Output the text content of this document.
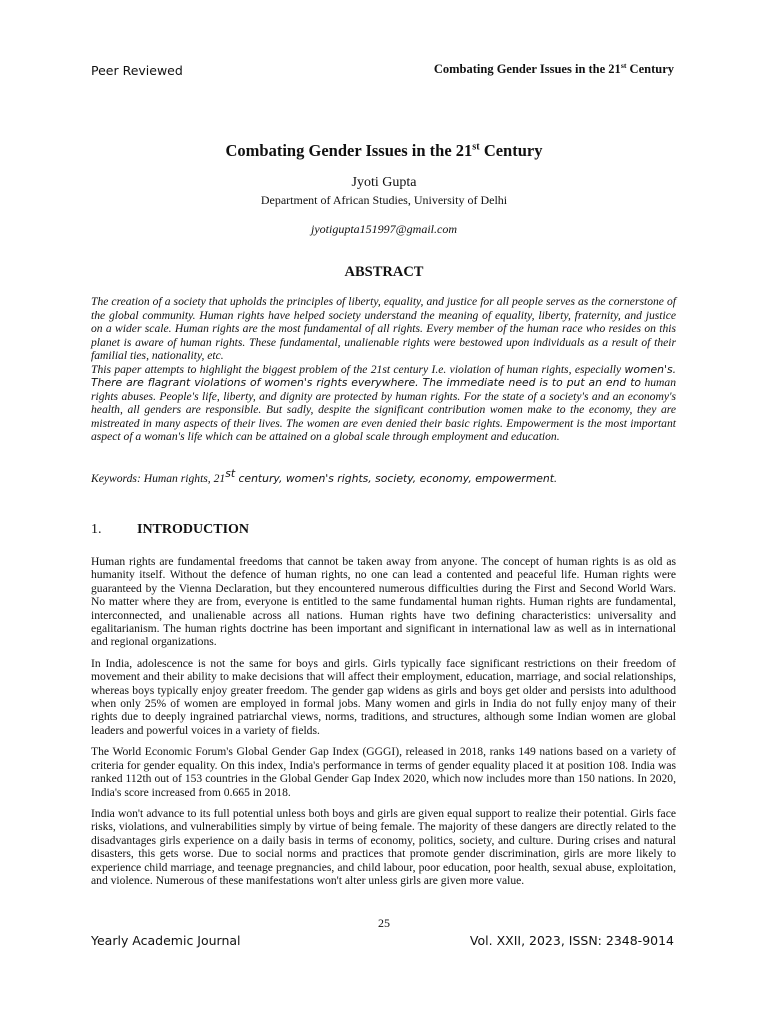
Peer Reviewed	Combating Gender Issues in the 21st Century
Combating Gender Issues in the 21st Century
Jyoti Gupta
Department of African Studies, University of Delhi
jyotigupta151997@gmail.com
ABSTRACT

The creation of a society that upholds the principles of liberty, equality, and justice for all people serves as the cornerstone of the global community. Human rights have helped society understand the meaning of equality, liberty, fraternity, and justice on a wider scale. Human rights are the most fundamental of all rights. Every member of the human race who resides on this planet is aware of human rights. These fundamental, unalienable rights were bestowed upon individuals as a result of their familial ties, nationality, etc.

This paper attempts to highlight the biggest problem of the 21st century I.e. violation of human rights, especially women's. There are flagrant violations of women's rights everywhere. The immediate need is to put an end to human rights abuses. People's life, liberty, and dignity are protected by human rights. For the state of a society's and an economy's health, all genders are responsible. But sadly, despite the significant contribution women make to the economy, they are mistreated in many aspects of their lives. The women are even denied their basic rights. Empowerment is the most important aspect of a woman's life which can be attained on a global scale through employment and education.

Keywords: Human rights, 21st century, women's rights, society, economy, empowerment.
1.	INTRODUCTION

Human rights are fundamental freedoms that cannot be taken away from anyone. The concept of human rights is as old as humanity itself. Without the defence of human rights, no one can lead a contented and peaceful life. Human rights were guaranteed by the Vienna Declaration, but they encountered numerous difficulties during the First and Second World Wars. No matter where they are from, everyone is entitled to the same fundamental human rights. Human rights are fundamental, interconnected, and unalienable across all nations. Human rights have two defining characteristics: universality and egalitarianism. The human rights doctrine has been important and significant in international law as well as in international and regional organizations.

In India, adolescence is not the same for boys and girls. Girls typically face significant restrictions on their freedom of movement and their ability to make decisions that will affect their employment, education, marriage, and social relationships, whereas boys typically enjoy greater freedom. The gender gap widens as girls and boys get older and persists into adulthood when only 25% of women are employed in formal jobs. Many women and girls in India do not fully enjoy many of their rights due to deeply ingrained patriarchal views, norms, traditions, and structures, although some Indian women are global leaders and powerful voices in a variety of fields.

The World Economic Forum's Global Gender Gap Index (GGGI), released in 2018, ranks 149 nations based on a variety of criteria for gender equality. On this index, India's performance in terms of gender equality placed it at position 108. India was ranked 112th out of 153 countries in the Global Gender Gap Index 2020, which now includes more than 150 nations. In 2020, India's score increased from 0.665 in 2018.

India won't advance to its full potential unless both boys and girls are given equal support to realize their potential. Girls face risks, violations, and vulnerabilities simply by virtue of being female. The majority of these dangers are directly related to the disadvantages girls experience on a daily basis in terms of economy, politics, society, and culture. During crises and natural disasters, this gets worse. Due to social norms and practices that promote gender discrimination, girls are more likely to experience child marriage, and teenage pregnancies, and child labour, poor education, poor health, sexual abuse, exploitation, and violence. Numerous of these manifestations won't alter unless girls are given more value.

25
Yearly Academic Journal	Vol. XXII, 2023, ISSN: 2348-9014
